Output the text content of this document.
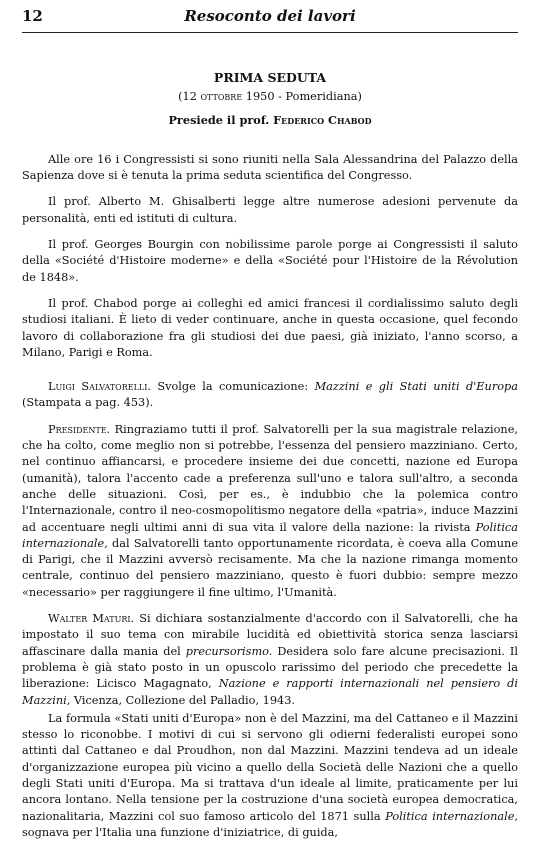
12	Resoconto dei lavori
PRIMA SEDUTA

(12 ottobre 1950 - Pomeridiana)

Presiede il prof. Federico Chabod

Alle ore 16 i Congressisti si sono riuniti nella Sala Alessandrina del Palazzo della Sapienza dove si è tenuta la prima seduta scientifica del Congresso.

Il prof. Alberto M. Ghisalberti legge altre numerose adesioni pervenute da personalità, enti ed istituti di cultura.

Il prof. Georges Bourgin con nobilissime parole porge ai Congressisti il saluto della «Société d'Histoire moderne» e della «Société pour l'Histoire de la Révolution de 1848».

Il prof. Chabod porge ai colleghi ed amici francesi il cordialissimo saluto degli studiosi italiani. È lieto di veder continuare, anche in questa occasione, quel fecondo lavoro di collaborazione fra gli studiosi dei due paesi, già iniziato, l'anno scorso, a Milano, Parigi e Roma.

Luigi Salvatorelli. Svolge la comunicazione: Mazzini e gli Stati uniti d'Europa (Stampata a pag. 453).

Presidente. Ringraziamo tutti il prof. Salvatorelli per la sua magistrale relazione, che ha colto, come meglio non si potrebbe, l'essenza del pensiero mazziniano. Certo, nel continuo affiancarsi, e procedere insieme dei due concetti, nazione ed Europa (umanità), talora l'accento cade a preferenza sull'uno e talora sull'altro, a seconda anche delle situazioni. Così, per es., è indubbio che la polemica contro l'Internazionale, contro il neo-cosmopolitismo negatore della «patria», induce Mazzini ad accentuare negli ultimi anni di sua vita il valore della nazione: la rivista Politica internazionale, dal Salvatorelli tanto opportunamente ricordata, è coeva alla Comune di Parigi, che il Mazzini avversò recisamente. Ma che la nazione rimanga momento centrale, continuo del pensiero mazziniano, questo è fuori dubbio: sempre mezzo «necessario» per raggiungere il fine ultimo, l'Umanità.

Walter Maturi. Si dichiara sostanzialmente d'accordo con il Salvatorelli, che ha impostato il suo tema con mirabile lucidità ed obiettività storica senza lasciarsi affascinare dalla mania del precursorismo. Desidera solo fare alcune precisazioni. Il problema è già stato posto in un opuscolo rarissimo del periodo che precedette la liberazione: Licisco Magagnato, Nazione e rapporti internazionali nel pensiero di Mazzini, Vicenza, Collezione del Palladio, 1943.

La formula «Stati uniti d'Europa» non è del Mazzini, ma del Cattaneo e il Mazzini stesso lo riconobbe. I motivi di cui si servono gli odierni federalisti europei sono attinti dal Cattaneo e dal Proudhon, non dal Mazzini. Mazzini tendeva ad un ideale d'organizzazione europea più vicino a quello della Società delle Nazioni che a quello degli Stati uniti d'Europa. Ma si trattava d'un ideale al limite, praticamente per lui ancora lontano. Nella tensione per la costruzione d'una società europea democratica, nazionalitaria, Mazzini col suo famoso articolo del 1871 sulla Politica internazionale, sognava per l'Italia una funzione d'iniziatrice, di guida,
